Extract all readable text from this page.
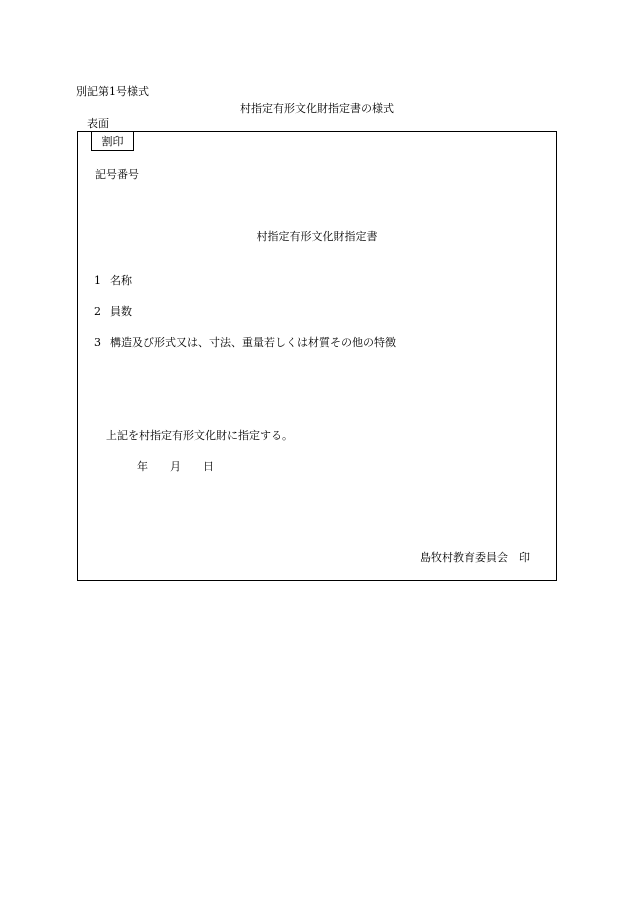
別記第1号様式
村指定有形文化財指定書の様式
表面
割印
記号番号
村指定有形文化財指定書
1 名称
2 員数
3 構造及び形式又は、寸法、重量若しくは材質その他の特徴
上記を村指定有形文化財に指定する。
年 月 日
島牧村教育委員会 印
